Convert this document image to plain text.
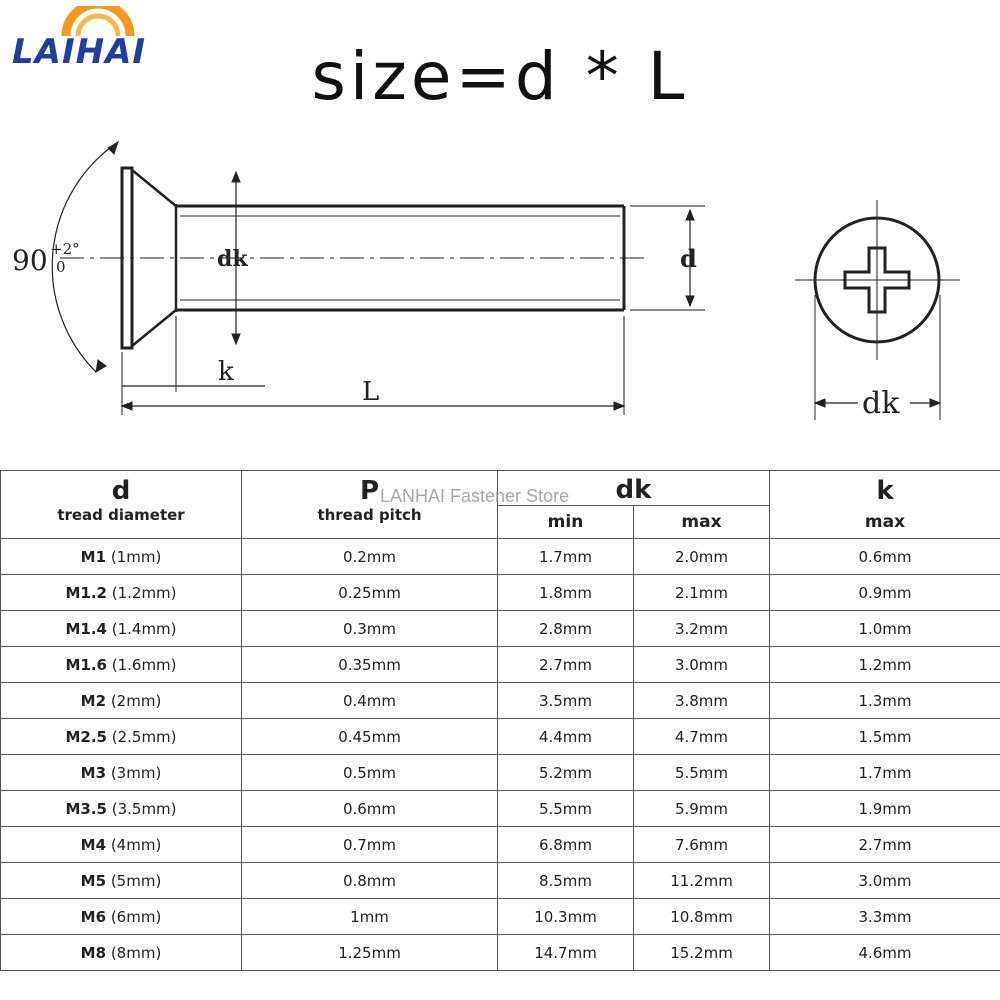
LAIHAI	size=d * L
90 +2°
0	dk	d
k
L	dk
d	P	dk		k
tread diameter	thread pitch	min	max	max
M1 (1mm)	0.2mm	1.7mm	2.0mm	0.6mm
M1.2 (1.2mm)	0.25mm	1.8mm	2.1mm	0.9mm
M1.4 (1.4mm)	0.3mm	2.8mm	3.2mm	1.0mm
M1.6 (1.6mm)	0.35mm	2.7mm	3.0mm	1.2mm
M2 (2mm)	0.4mm	3.5mm	3.8mm	1.3mm
M2.5 (2.5mm)	0.45mm	4.4mm	4.7mm	1.5mm
M3 (3mm)	0.5mm	5.2mm	5.5mm	1.7mm
M3.5 (3.5mm)	0.6mm	5.5mm	5.9mm	1.9mm
M4 (4mm)	0.7mm	6.8mm	7.6mm	2.7mm
M5 (5mm)	0.8mm	8.5mm	11.2mm	3.0mm
M6 (6mm)	1mm	10.3mm	10.8mm	3.3mm
M8 (8mm)	1.25mm	14.7mm	15.2mm	4.6mm
LANHAI Fastener Store
